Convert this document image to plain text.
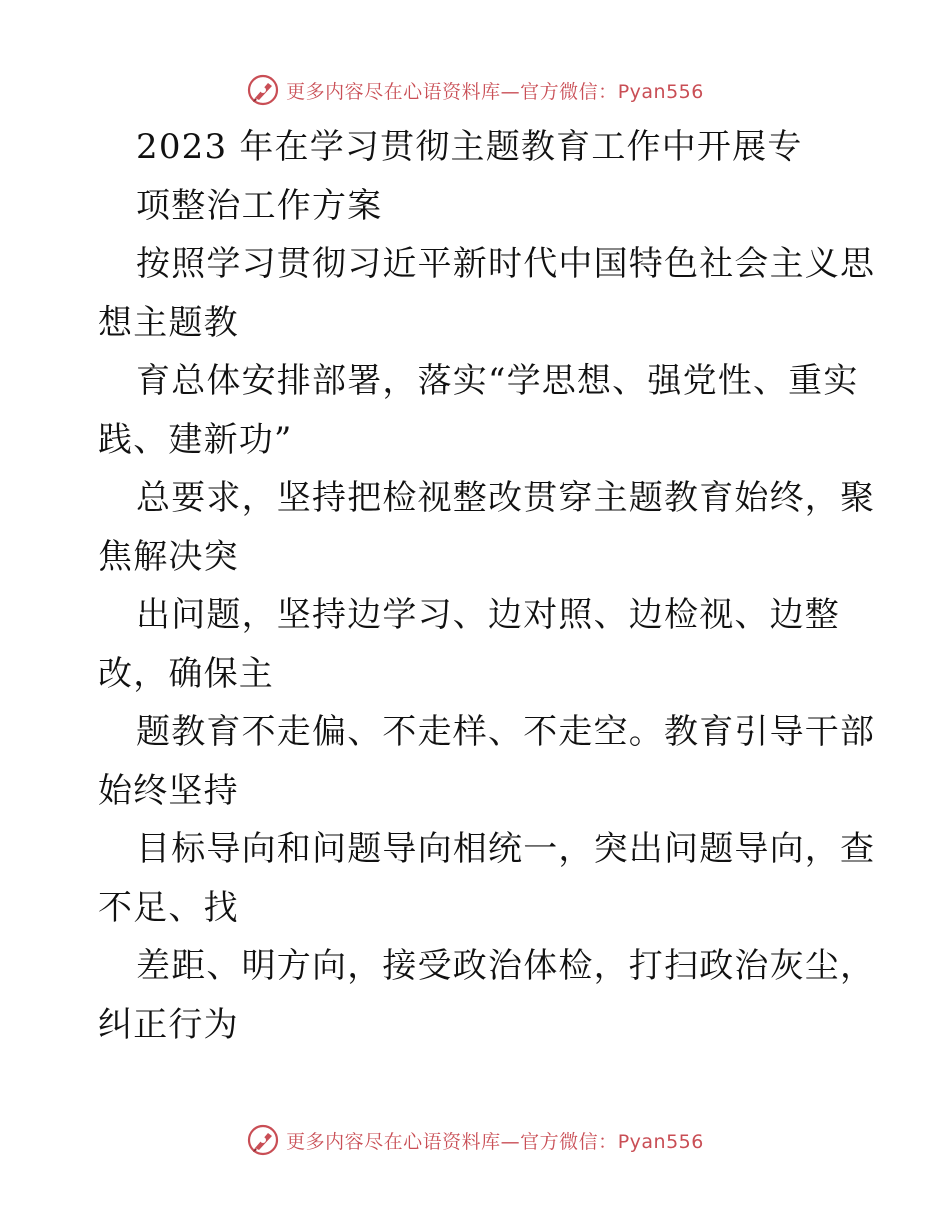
更多内容尽在心语资料库—官方微信：Pyan556
2023 年在学习贯彻主题教育工作中开展专
项整治工作方案
按照学习贯彻习近平新时代中国特色社会主义思
想主题教
育总体安排部署，落实“学思想、强党性、重实
践、建新功”
总要求，坚持把检视整改贯穿主题教育始终，聚
焦解决突
出问题，坚持边学习、边对照、边检视、边整
改，确保主
题教育不走偏、不走样、不走空。教育引导干部
始终坚持
目标导向和问题导向相统一，突出问题导向，查
不足、找
差距、明方向，接受政治体检，打扫政治灰尘，
纠正行为
更多内容尽在心语资料库—官方微信：Pyan556
